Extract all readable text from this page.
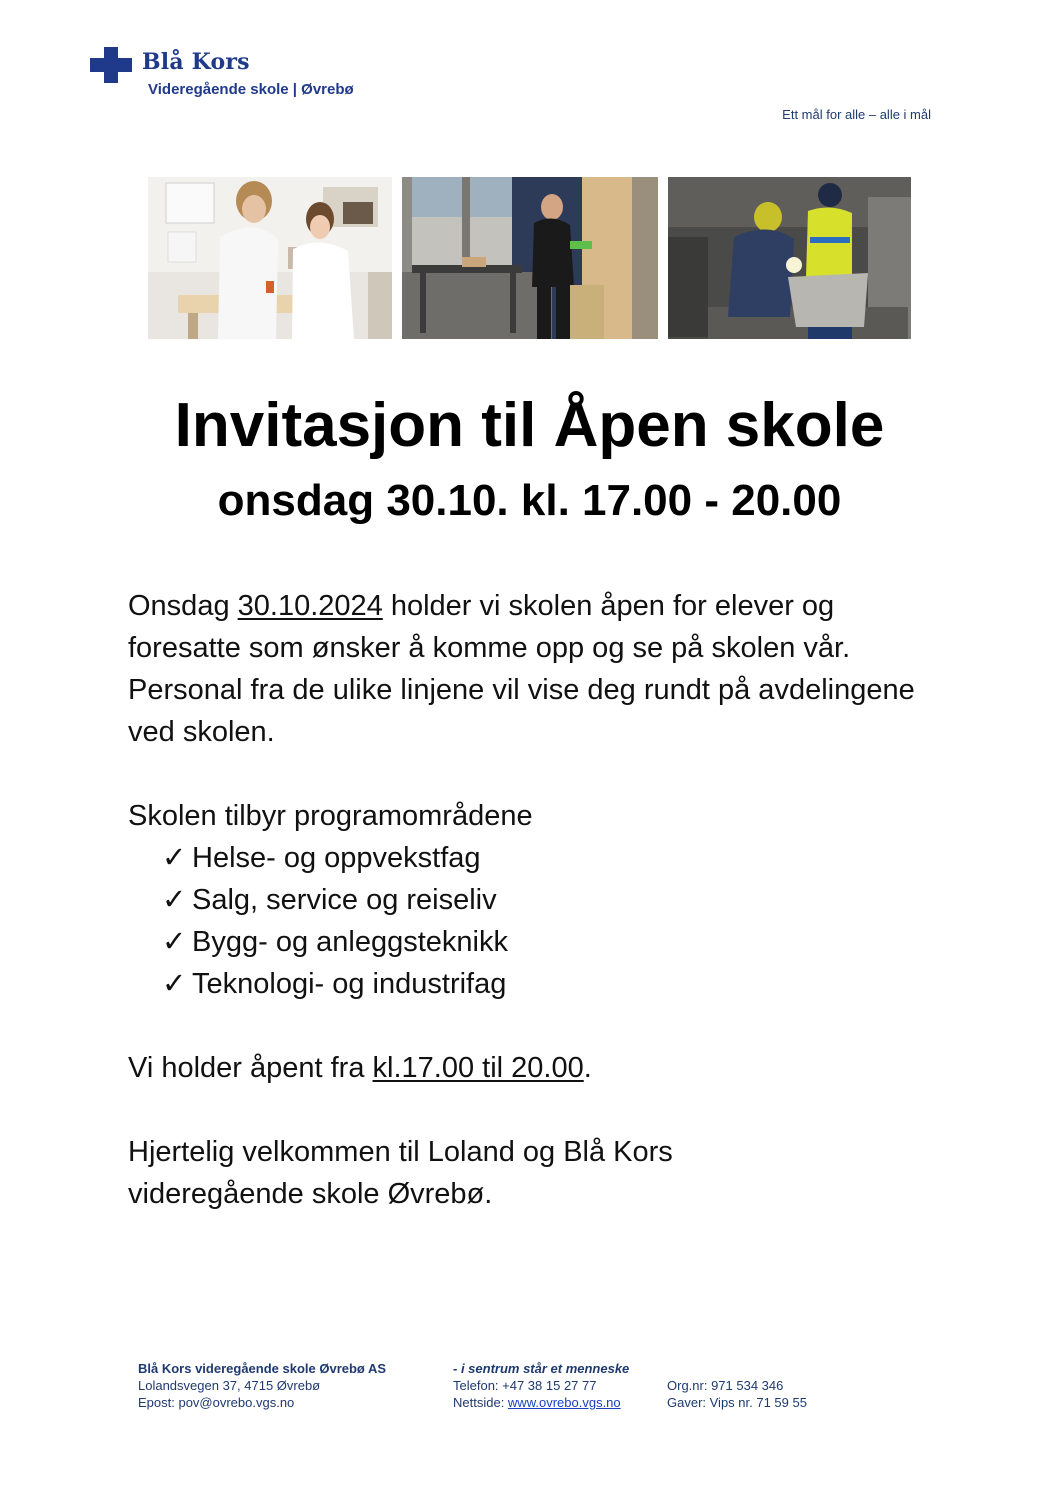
Blå Kors
Videregående skole | Øvrebø
Ett mål for alle – alle i mål
Invitasjon til Åpen skole
onsdag 30.10. kl. 17.00 - 20.00

Onsdag 30.10.2024 holder vi skolen åpen for elever og foresatte som ønsker å komme opp og se på skolen vår. Personal fra de ulike linjene vil vise deg rundt på avdelingene ved skolen.

Skolen tilbyr programområdene

✓ Helse- og oppvekstfag
✓ Salg, service og reiseliv
✓ Bygg- og anleggsteknikk
✓ Teknologi- og industrifag

Vi holder åpent fra kl.17.00 til 20.00.

Hjertelig velkommen til Loland og Blå Kors videregående skole Øvrebø.

Blå Kors videregående skole Øvrebø AS
Lolandsvegen 37, 4715 Øvrebø
Epost: pov@ovrebo.vgs.no
- i sentrum står et menneske
Telefon: +47 38 15 27 77
Nettside: www.ovrebo.vgs.no
Org.nr: 971 534 346
Gaver: Vips nr. 71 59 55
